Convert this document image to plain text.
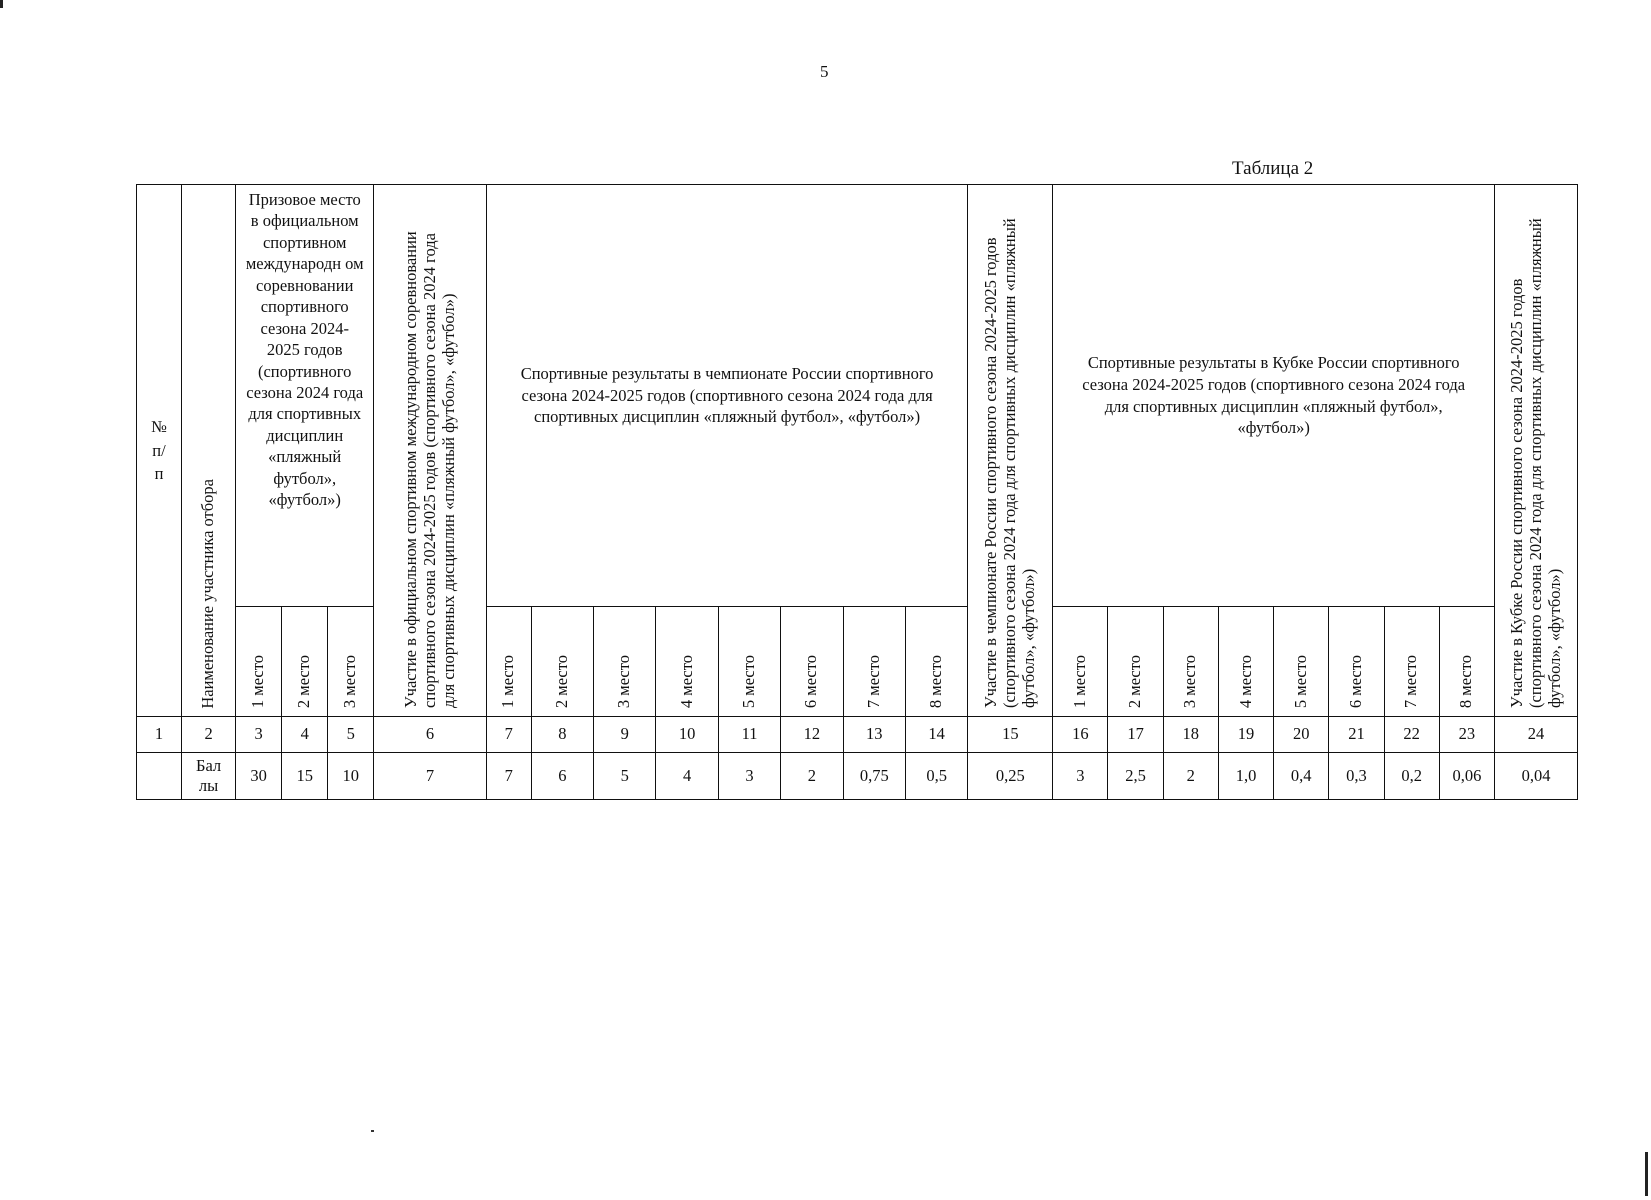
5
Таблица 2
№ п/п	Наименование участника отбора	Призовое место в официальном спортивном международн ом соревновании спортивного сезона 2024-2025 годов (спортивного сезона 2024 года для спортивных дисциплин «пляжный футбол», «футбол»)			Участие в официальном спортивном международном соревновании спортивного сезона 2024-2025 годов (спортивного сезона 2024 года для спортивных дисциплин «пляжный футбол», «футбол»)	Спортивные результаты в чемпионате России спортивного сезона 2024-2025 годов (спортивного сезона 2024 года для спортивных дисциплин «пляжный футбол», «футбол»)								Участие в чемпионате России спортивного сезона 2024-2025 годов (спортивного сезона 2024 года для спортивных дисциплин «пляжный футбол», «футбол»)	Спортивные результаты в Кубке России спортивного сезона 2024-2025 годов (спортивного сезона 2024 года для спортивных дисциплин «пляжный футбол», «футбол»)								Участие в Кубке России спортивного сезона 2024-2025 годов (спортивного сезона 2024 года для спортивных дисциплин «пляжный футбол», «футбол»)
		1 место	2 место	3 место		1 место	2 место	3 место	4 место	5 место	6 место	7 место	8 место		1 место	2 место	3 место	4 место	5 место	6 место	7 место	8 место	
1	2	3	4	5	6	7	8	9	10	11	12	13	14	15	16	17	18	19	20	21	22	23	24
	Бал лы	30	15	10	7	7	6	5	4	3	2	0,75	0,5	0,25	3	2,5	2	1,0	0,4	0,3	0,2	0,06	0,04
